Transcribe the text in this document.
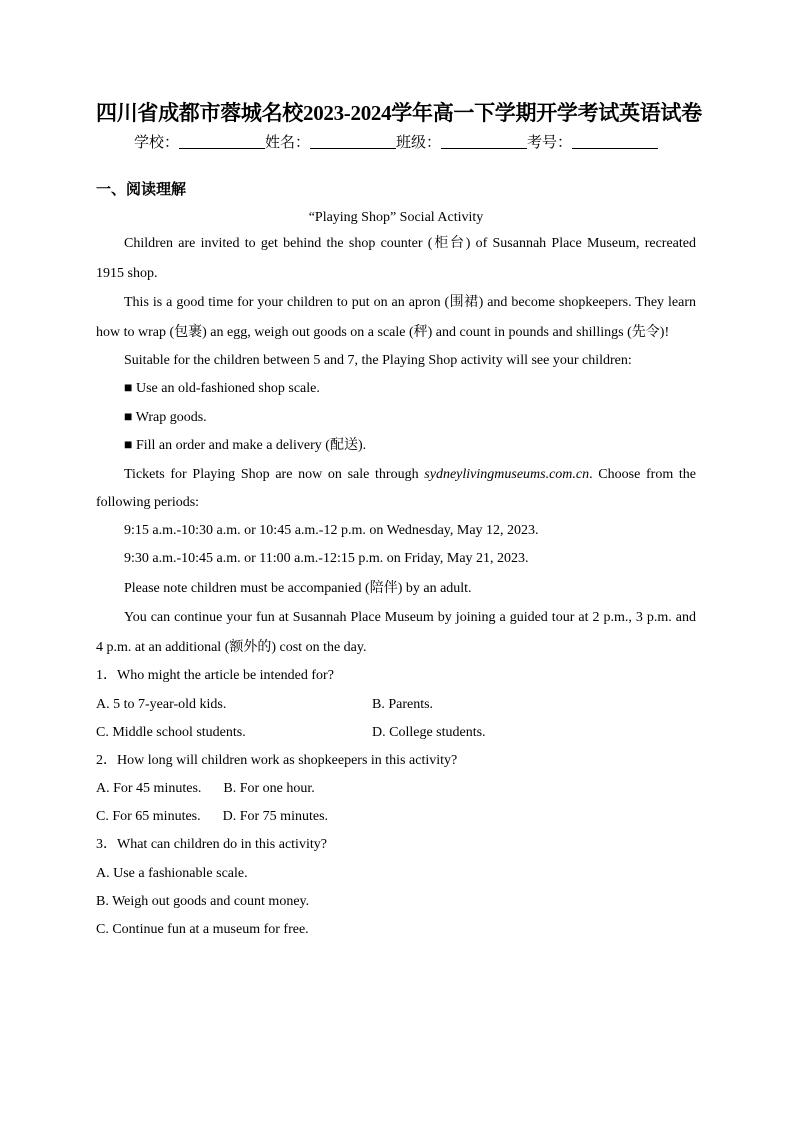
四川省成都市蓉城名校2023-2024学年高一下学期开学考试英语试卷
学校：	姓名：	班级：	考号：
一、阅读理解
“Playing Shop” Social Activity

Children are invited to get behind the shop counter (柜台) of Susannah Place Museum, recreated 1915 shop.

This is a good time for your children to put on an apron (围裙) and become shopkeepers. They learn how to wrap (包裹) an egg, weigh out goods on a scale (秤) and count in pounds and shillings (先令)!

Suitable for the children between 5 and 7, the Playing Shop activity will see your children:

■ Use an old-fashioned shop scale.
■ Wrap goods.
■ Fill an order and make a delivery (配送).

Tickets for Playing Shop are now on sale through sydneylivingmuseums.com.cn. Choose from the following periods:

9:15 a.m.-10:30 a.m. or 10:45 a.m.-12 p.m. on Wednesday, May 12, 2023.
9:30 a.m.-10:45 a.m. or 11:00 a.m.-12:15 p.m. on Friday, May 21, 2023.

Please note children must be accompanied (陪伴) by an adult.

You can continue your fun at Susannah Place Museum by joining a guided tour at 2 p.m., 3 p.m. and 4 p.m. at an additional (额外的) cost on the day.

1．Who might the article be intended for?
A. 5 to 7-year-old kids.	B. Parents.
C. Middle school students.	D. College students.
2．How long will children work as shopkeepers in this activity?
A. For 45 minutes. B. For one hour.
C. For 65 minutes. D. For 75 minutes.
3．What can children do in this activity?
A. Use a fashionable scale.
B. Weigh out goods and count money.
C. Continue fun at a museum for free.
